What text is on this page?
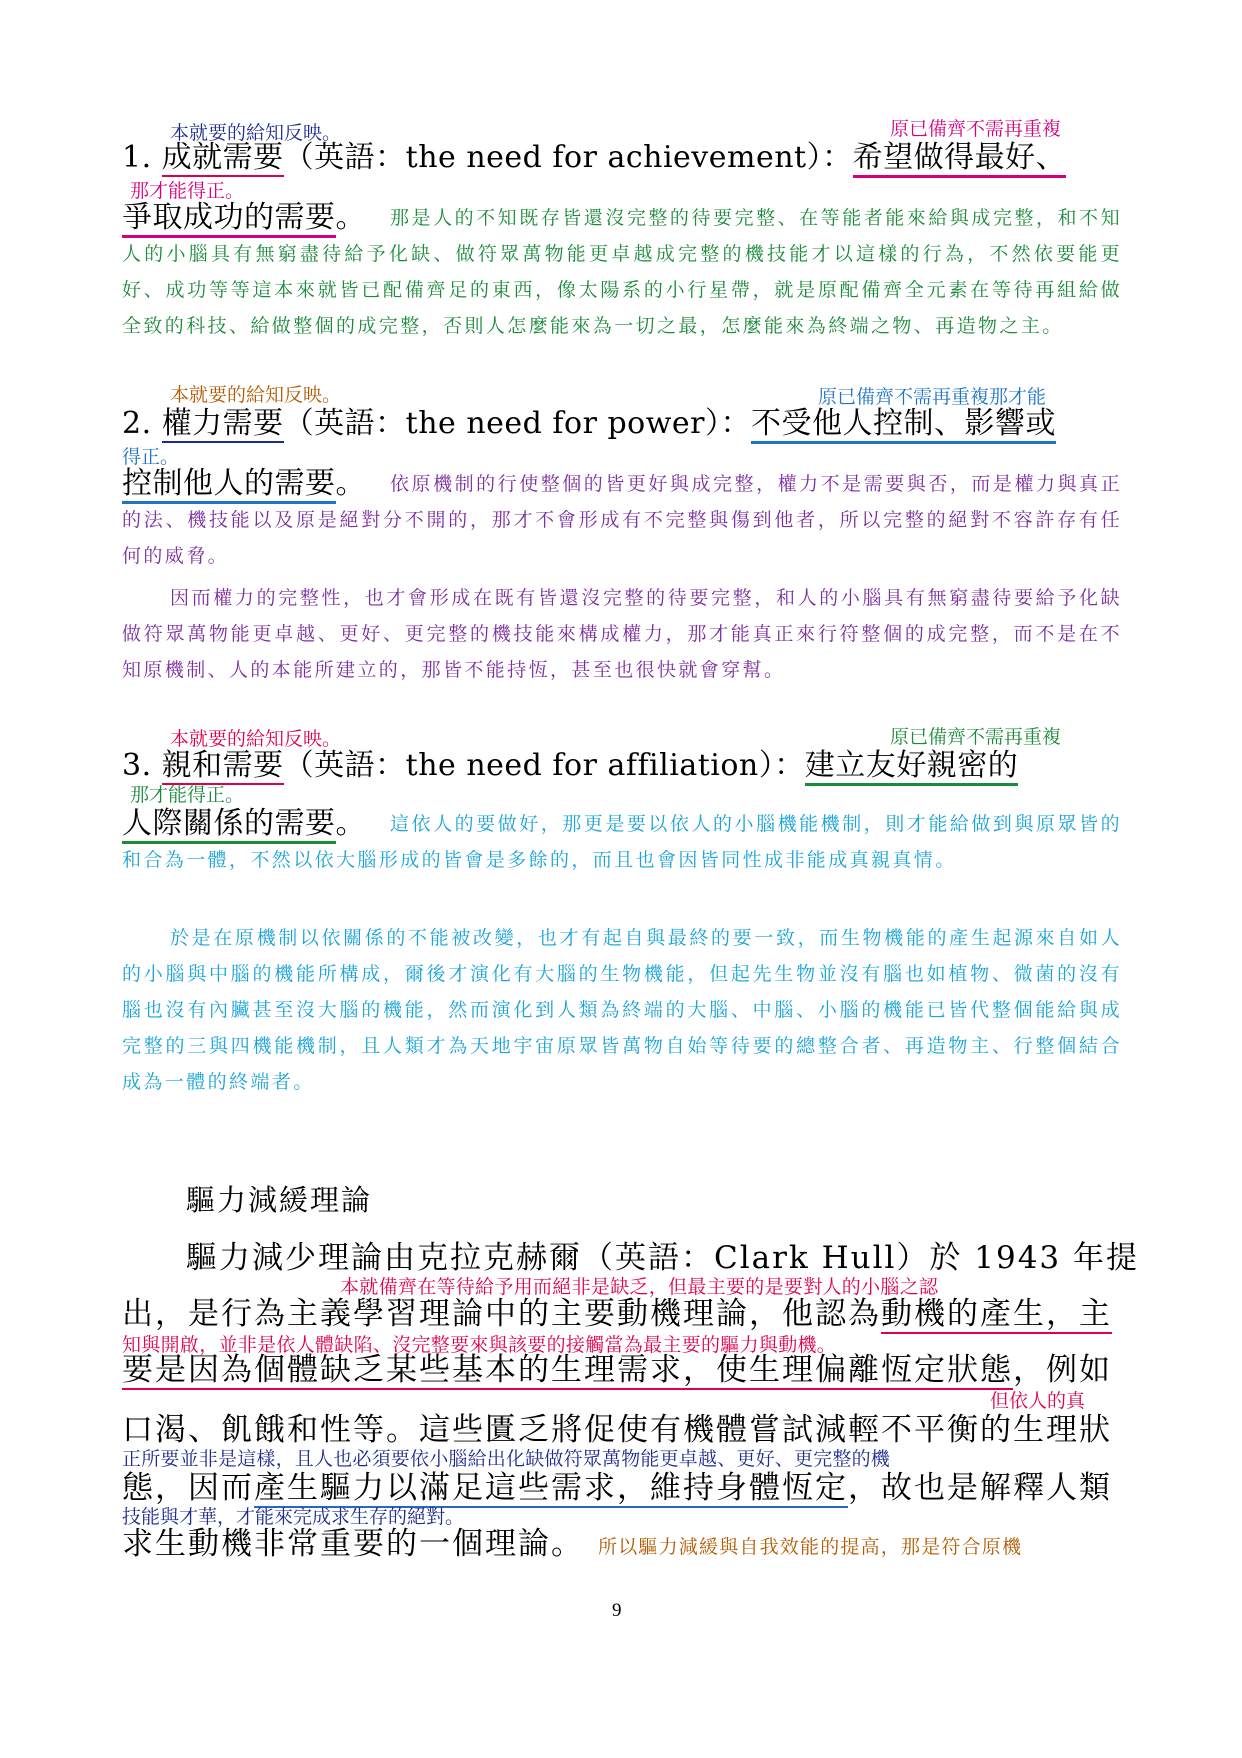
本就要的給知反映。	原已備齊不需再重複
1. 成就需要（英語：the need for achievement）：希望做得最好、
那才能得正。
爭取成功的需要。	那是人的不知既存皆還沒完整的待要完整、在等能者能來給與成完整，和不知人的小腦具有無窮盡待給予化缺、做符眾萬物能更卓越成完整的機技能才以這樣的行為，不然依要能更好、成功等等這本來就皆已配備齊足的東西，像太陽系的小行星帶，就是原配備齊全元素在等待再組給做全致的科技、給做整個的成完整，否則人怎麼能來為一切之最，怎麼能來為終端之物、再造物之主。
本就要的給知反映。	原已備齊不需再重複那才能
2. 權力需要（英語：the need for power）：不受他人控制、影響或
得正。
控制他人的需要。	依原機制的行使整個的皆更好與成完整，權力不是需要與否，而是權力與真正的法、機技能以及原是絕對分不開的，那才不會形成有不完整與傷到他者，所以完整的絕對不容許存有任何的威脅。
因而權力的完整性，也才會形成在既有皆還沒完整的待要完整，和人的小腦具有無窮盡待要給予化缺做符眾萬物能更卓越、更好、更完整的機技能來構成權力，那才能真正來行符整個的成完整，而不是在不知原機制、人的本能所建立的，那皆不能持恆，甚至也很快就會穿幫。
本就要的給知反映。	原已備齊不需再重複
3. 親和需要（英語：the need for affiliation）：建立友好親密的
那才能得正。
人際關係的需要。	這依人的要做好，那更是要以依人的小腦機能機制，則才能給做到與原眾皆的和合為一體，不然以依大腦形成的皆會是多餘的，而且也會因皆同性成非能成真親真情。
於是在原機制以依關係的不能被改變，也才有起自與最終的要一致，而生物機能的產生起源來自如人的小腦與中腦的機能所構成，爾後才演化有大腦的生物機能，但起先生物並沒有腦也如植物、微菌的沒有腦也沒有內臟甚至沒大腦的機能，然而演化到人類為終端的大腦、中腦、小腦的機能已皆代整個能給與成完整的三與四機能機制，且人類才為天地宇宙原眾皆萬物自始等待要的總整合者、再造物主、行整個結合成為一體的終端者。
驅力減緩理論
驅力減少理論由克拉克赫爾（英語：Clark Hull）於 1943 年提
本就備齊在等待給予用而絕非是缺乏，但最主要的是要對人的小腦之認
出，是行為主義學習理論中的主要動機理論，他認為動機的產生，主
知與開啟，並非是依人體缺陷、沒完整要來與該要的接觸當為最主要的驅力與動機。
要是因為個體缺乏某些基本的生理需求，使生理偏離恆定狀態，例如
但依人的真
口渴、飢餓和性等。這些匱乏將促使有機體嘗試減輕不平衡的生理狀
正所要並非是這樣，且人也必須要依小腦給出化缺做符眾萬物能更卓越、更好、更完整的機
態，因而產生驅力以滿足這些需求，維持身體恆定，故也是解釋人類
技能與才華，才能來完成求生存的絕對。
求生動機非常重要的一個理論。 所以驅力減緩與自我效能的提高，那是符合原機
9
